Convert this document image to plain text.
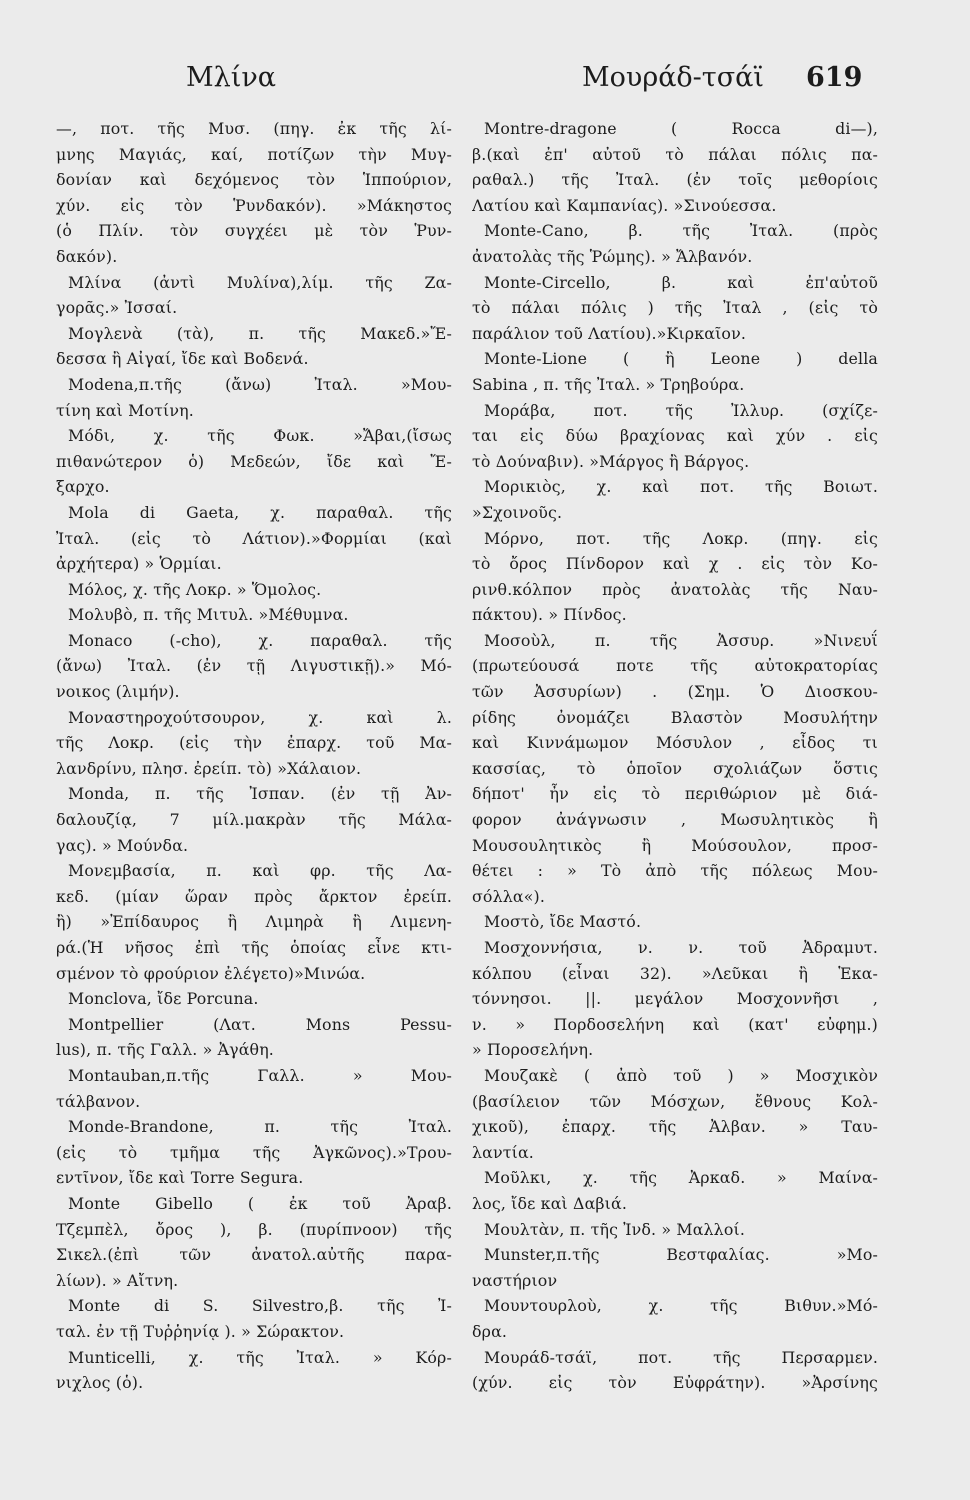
Μλίνα	Μουράδ-τσάϊ 619
—, ποτ. τῆς Μυσ. (πηγ. ἐκ τῆς λί-
μνης Μαγιάς, καί, ποτίζων τὴν Μυγ-
δονίαν καὶ δεχόμενος τὸν Ἱππούριον,
χύν. εἰς τὸν Ῥυνδακόν). »Μάκηστος
(ὁ Πλίν. τὸν συγχέει μὲ τὸν Ῥυν-
δακόν).
Μλίνα (ἀντὶ Μυλίνα),λίμ. τῆς Ζα-
γορᾶς.» Ἰσσαί.
Μογλενὰ (τὰ), π. τῆς Μακεδ.»Ἔ-
δεσσα ἢ Αἰγαί, ἴδε καὶ Βοδενά.
Modena,π.τῆς (ἄνω) Ἰταλ. »Μου-
τίνη καὶ Μοτίνη.
Μόδι, χ. τῆς Φωκ. »Ἄβαι,(ἴσως
πιθανώτερον ὁ) Μεδεών, ἴδε καὶ Ἔ-
ξαρχο.
Mola di Gaeta, χ. παραθαλ. τῆς
Ἰταλ. (εἰς τὸ Λάτιον).»Φορμίαι (καὶ
ἀρχήτερα) » Ὁρμίαι.
Μόλος, χ. τῆς Λοκρ. » Ὅμολος.
Μολυβὸ, π. τῆς Μιτυλ. »Μέθυμνα.
Monaco (-cho), χ. παραθαλ. τῆς
(ἄνω) Ἰταλ. (ἐν τῇ Λιγυστικῇ).» Μό-
νοικος (λιμήν).
Μοναστηροχούτσουρον, χ. καὶ λ.
τῆς Λοκρ. (εἰς τὴν ἐπαρχ. τοῦ Μα-
λανδρίνυ, πλησ. ἐρείπ. τὸ) »Χάλαιον.
Monda, π. τῆς Ἰσπαν. (ἐν τῇ Ἀν-
δαλουζίᾳ, 7 μίλ.μακρὰν τῆς Μάλα-
γας). » Μούνδα.
Μονεμβασία, π. καὶ φρ. τῆς Λα-
κεδ. (μίαν ὥραν πρὸς ἄρκτον ἐρείπ.
ἢ) »Ἐπίδαυρος ἢ Λιμηρὰ ἢ Λιμενη-
ρά.(Ἡ νῆσος ἐπὶ τῆς ὁποίας εἶνε κτι-
σμένον τὸ φρούριον ἐλέγετο)»Μινώα.
Monclova, ἴδε Porcuna.
Montpellier (Λατ. Mons Pessu-
lus), π. τῆς Γαλλ. » Ἀγάθη.
Montauban,π.τῆς Γαλλ. » Μου-
τάλβανον.
Monde-Brandone, π. τῆς Ἰταλ.
(εἰς τὸ τμῆμα τῆς Ἀγκῶνος).»Τρου-
εντῖνον, ἴδε καὶ Torre Segura.
Monte Gibello ( ἐκ τοῦ Ἀραβ.
Τζεμπὲλ, ὄρος ), β. (πυρίπνοον) τῆς
Σικελ.(ἐπὶ τῶν ἀνατολ.αὐτῆς παρα-
λίων). » Αἴτνη.
Monte di S. Silvestro,β. τῆς Ἰ-
ταλ. ἐν τῇ Τυῤῥηνίᾳ ). » Σώρακτον.
Munticelli, χ. τῆς Ἰταλ. » Κόρ-
νιχλος (ὁ).
Montre-dragone ( Rocca di—),
β.(καὶ ἐπ' αὐτοῦ τὸ πάλαι πόλις πα-
ραθαλ.) τῆς Ἰταλ. (ἐν τοῖς μεθορίοις
Λατίου καὶ Καμπανίας). »Σινούεσσα.
Monte-Cano, β. τῆς Ἰταλ. (πρὸς
ἀνατολὰς τῆς Ῥώμης). » Ἄλβανόν.
Monte-Circello, β. καὶ ἐπ'αὐτοῦ
τὸ πάλαι πόλις ) τῆς Ἰταλ , (εἰς τὸ
παράλιον τοῦ Λατίου).»Κιρκαῖον.
Monte-Lione ( ἢ Leone ) della
Sabina , π. τῆς Ἰταλ. » Τρηβούρα.
Μοράβα, ποτ. τῆς Ἰλλυρ. (σχίζε-
ται εἰς δύω βραχίονας καὶ χύν . εἰς
τὸ Δούναβιν). »Μάργος ἢ Βάργος.
Μορικιὸς, χ. καὶ ποτ. τῆς Βοιωτ.
»Σχοινοῦς.
Μόρνο, ποτ. τῆς Λοκρ. (πηγ. εἰς
τὸ ὄρος Πίνδορον καὶ χ . εἰς τὸν Κο-
ρινθ.κόλπον πρὸς ἀνατολὰς τῆς Ναυ-
πάκτου). » Πίνδος.
Μοσοὺλ, π. τῆς Ἀσσυρ. »Νινευΐ
(πρωτεύουσά ποτε τῆς αὐτοκρατορίας
τῶν Ἀσσυρίων) . (Σημ. Ὁ Διοσκου-
ρίδης ὀνομάζει Βλαστὸν Μοσυλήτην
καὶ Κιννάμωμον Μόσυλον , εἶδος τι
κασσίας, τὸ ὁποῖον σχολιάζων ὅστις
δήποτ' ἦν εἰς τὸ περιθώριον μὲ διά-
φορον ἀνάγνωσιν , Μωσυλητικὸς ἢ
Μουσουλητικὸς ἢ Μούσουλον, προσ-
θέτει : » Τὸ ἀπὸ τῆς πόλεως Μου-
σόλλα«).
Μοστὸ, ἴδε Μαστό.
Μοσχοννήσια, ν. ν. τοῦ Ἀδραμυτ.
κόλπου (εἶναι 32). »Λεῦκαι ἢ Ἑκα-
τόννησοι. ||. μεγάλον Μοσχοννῆσι ,
ν. » Πορδοσελήνη καὶ (κατ' εὐφημ.)
» Ποροσελήνη.
Μουζακὲ ( ἀπὸ τοῦ ) » Μοσχικὸν
(βασίλειον τῶν Μόσχων, ἔθνους Κολ-
χικοῦ), ἐπαρχ. τῆς Ἀλβαν. » Ταυ-
λαντία.
Μοῦλκι, χ. τῆς Ἀρκαδ. » Μαίνα-
λος, ἴδε καὶ Δαβιά.
Μουλτὰν, π. τῆς Ἰνδ. » Μαλλοί.
Munster,π.τῆς Βεστφαλίας. »Μο-
ναστήριον
Μουντουρλοὺ, χ. τῆς Βιθυν.»Μό-
δρα.
Μουράδ-τσάϊ, ποτ. τῆς Περσαρμεν.
(χύν. εἰς τὸν Εὐφράτην). »Ἀρσίνης
